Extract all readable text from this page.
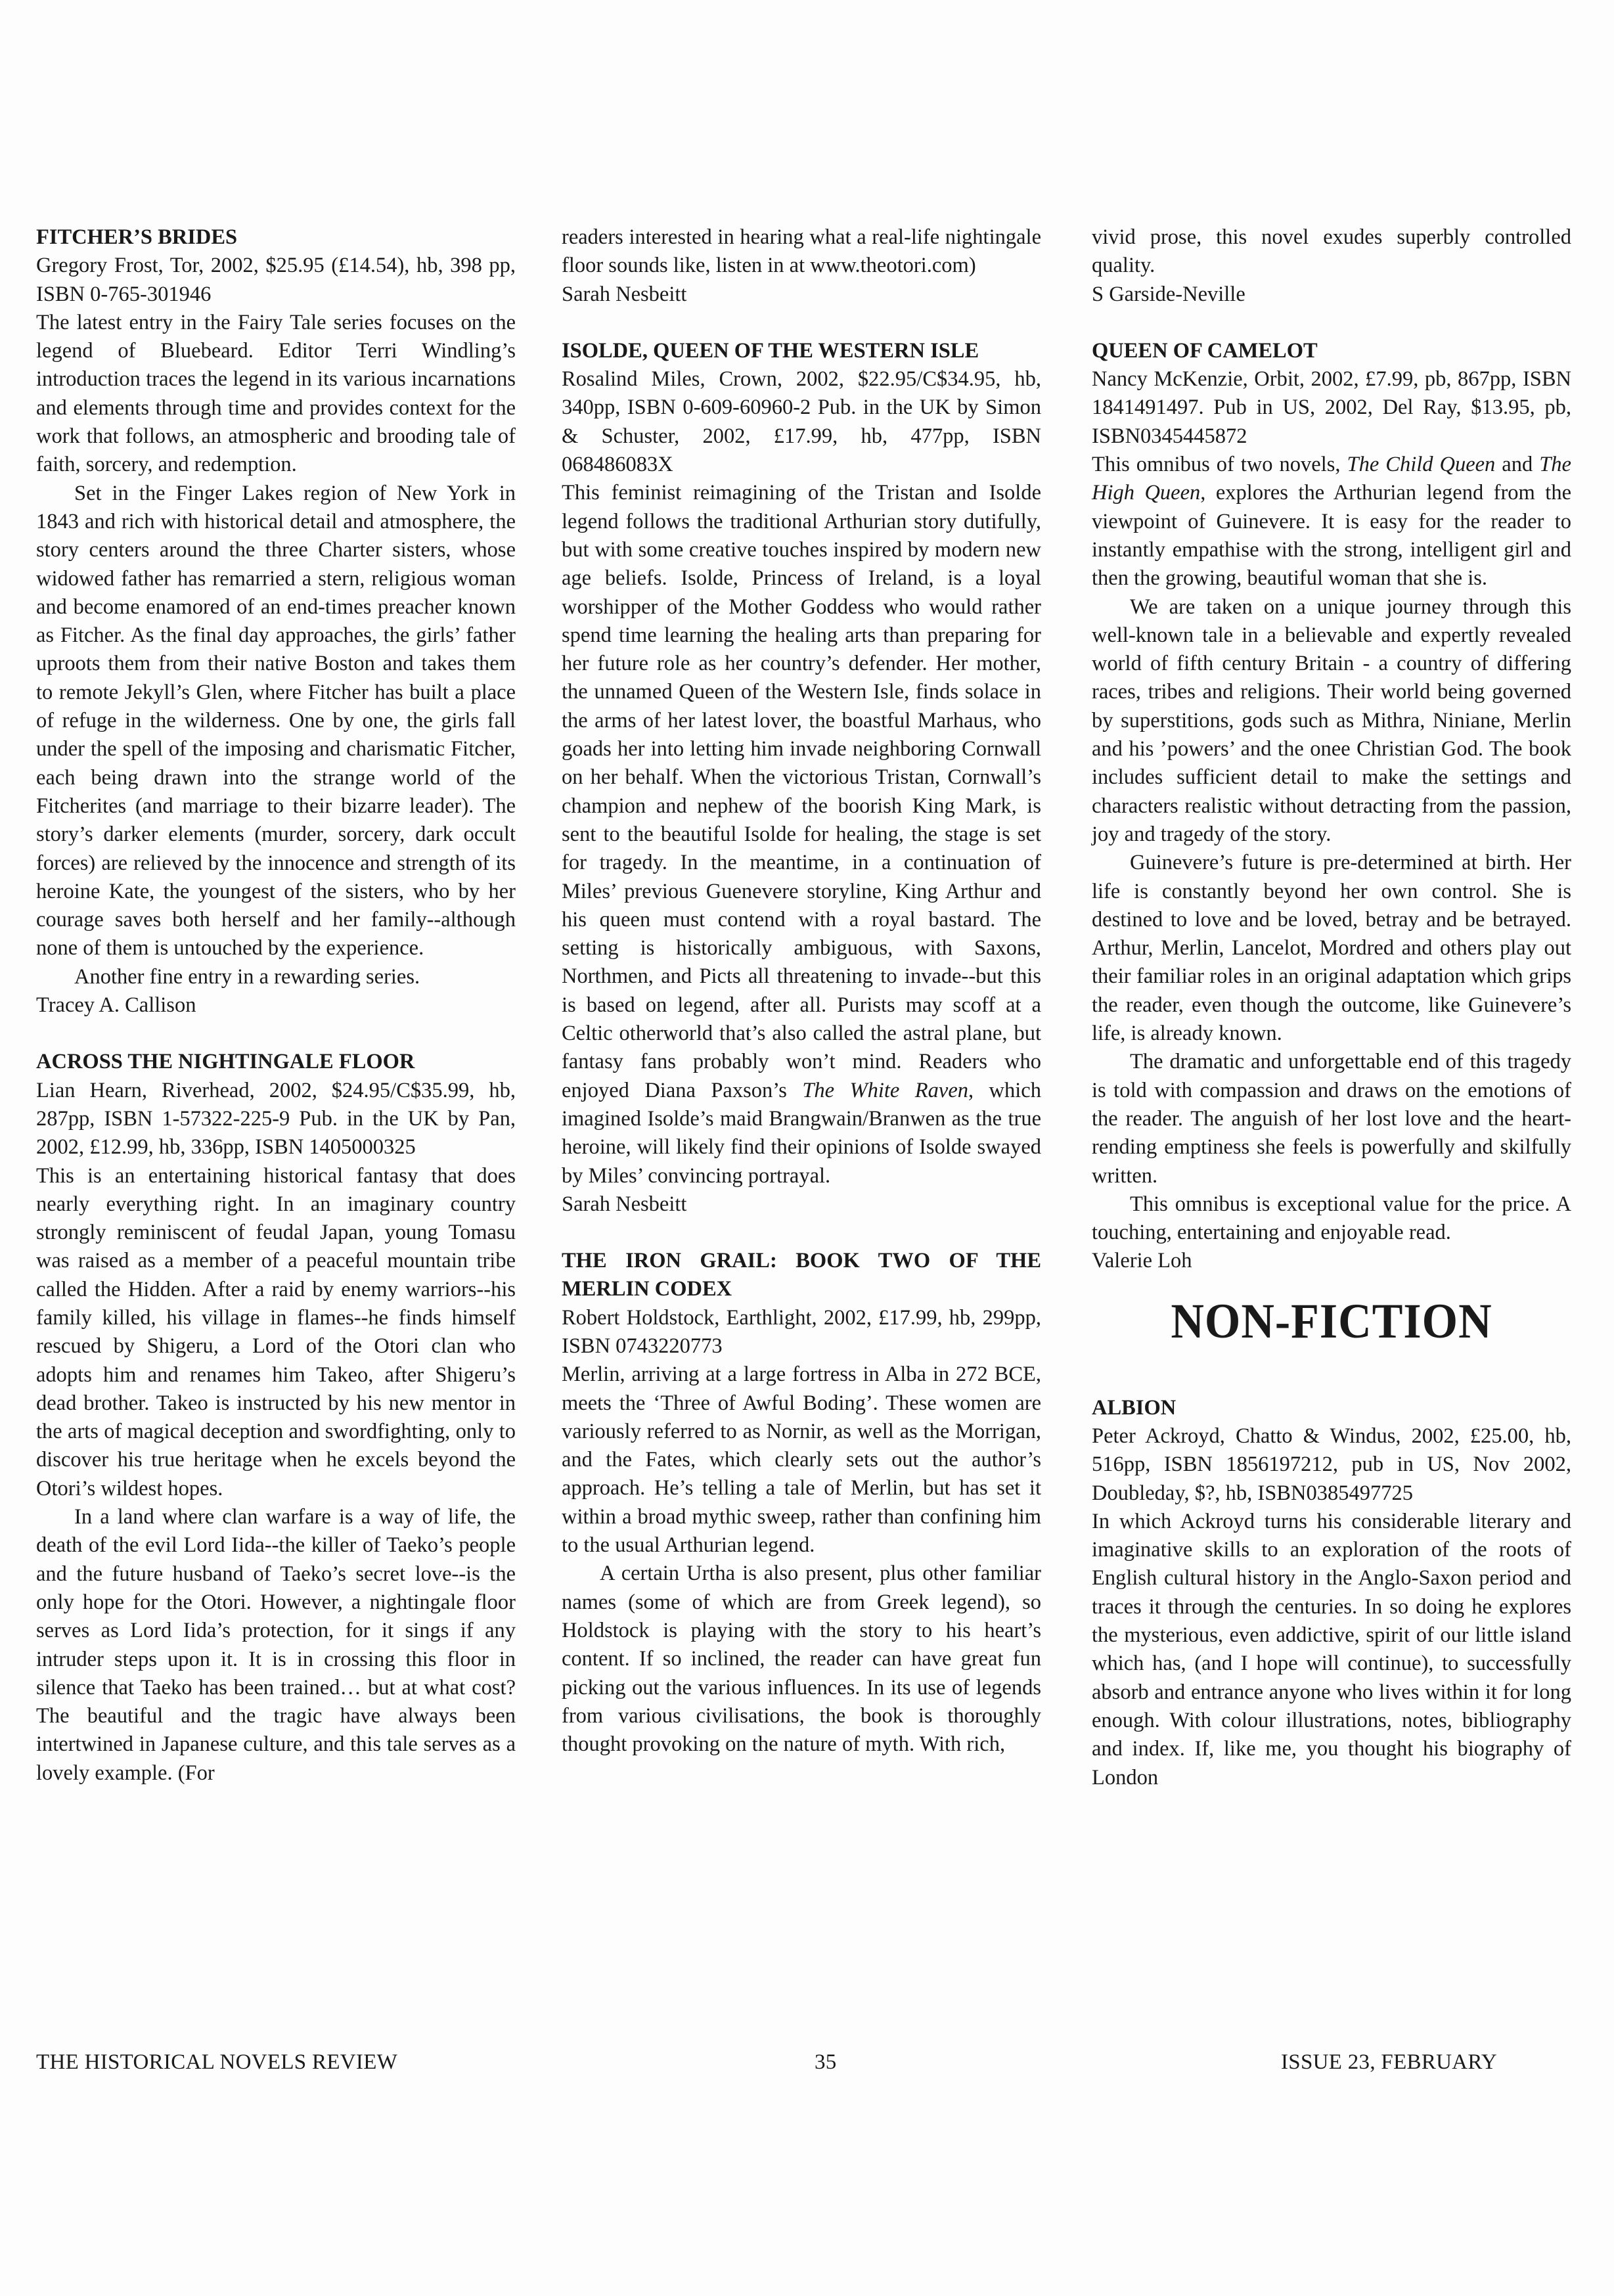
FITCHER’S BRIDES
Gregory Frost, Tor, 2002, $25.95 (£14.54), hb, 398 pp, ISBN 0-765-301946

The latest entry in the Fairy Tale series focuses on the legend of Bluebeard. Editor Terri Windling’s introduction traces the legend in its various incarnations and elements through time and provides context for the work that follows, an atmospheric and brooding tale of faith, sorcery, and redemption.

Set in the Finger Lakes region of New York in 1843 and rich with historical detail and atmosphere, the story centers around the three Charter sisters, whose widowed father has remarried a stern, religious woman and become enamored of an end-times preacher known as Fitcher. As the final day approaches, the girls’ father uproots them from their native Boston and takes them to remote Jekyll’s Glen, where Fitcher has built a place of refuge in the wilderness. One by one, the girls fall under the spell of the imposing and charismatic Fitcher, each being drawn into the strange world of the Fitcherites (and marriage to their bizarre leader). The story’s darker elements (murder, sorcery, dark occult forces) are relieved by the innocence and strength of its heroine Kate, the youngest of the sisters, who by her courage saves both herself and her family--although none of them is untouched by the experience.

Another fine entry in a rewarding series.

Tracey A. Callison
ACROSS THE NIGHTINGALE FLOOR
Lian Hearn, Riverhead, 2002, $24.95/C$35.99, hb, 287pp, ISBN 1-57322-225-9 Pub. in the UK by Pan, 2002, £12.99, hb, 336pp, ISBN 1405000325

This is an entertaining historical fantasy that does nearly everything right. In an imaginary country strongly reminiscent of feudal Japan, young Tomasu was raised as a member of a peaceful mountain tribe called the Hidden. After a raid by enemy warriors--his family killed, his village in flames--he finds himself rescued by Shigeru, a Lord of the Otori clan who adopts him and renames him Takeo, after Shigeru’s dead brother. Takeo is instructed by his new mentor in the arts of magical deception and swordfighting, only to discover his true heritage when he excels beyond the Otori’s wildest hopes.

In a land where clan warfare is a way of life, the death of the evil Lord Iida--the killer of Taeko’s people and the future husband of Taeko’s secret love--is the only hope for the Otori. However, a nightingale floor serves as Lord Iida’s protection, for it sings if any intruder steps upon it. It is in crossing this floor in silence that Taeko has been trained… but at what cost? The beautiful and the tragic have always been intertwined in Japanese culture, and this tale serves as a lovely example. (For

readers interested in hearing what a real-life nightingale floor sounds like, listen in at www.theotori.com)

Sarah Nesbeitt
ISOLDE, QUEEN OF THE WESTERN ISLE
Rosalind Miles, Crown, 2002, $22.95/C$34.95, hb, 340pp, ISBN 0-609-60960-2 Pub. in the UK by Simon & Schuster, 2002, £17.99, hb, 477pp, ISBN 068486083X

This feminist reimagining of the Tristan and Isolde legend follows the traditional Arthurian story dutifully, but with some creative touches inspired by modern new age beliefs. Isolde, Princess of Ireland, is a loyal worshipper of the Mother Goddess who would rather spend time learning the healing arts than preparing for her future role as her country’s defender. Her mother, the unnamed Queen of the Western Isle, finds solace in the arms of her latest lover, the boastful Marhaus, who goads her into letting him invade neighboring Cornwall on her behalf. When the victorious Tristan, Cornwall’s champion and nephew of the boorish King Mark, is sent to the beautiful Isolde for healing, the stage is set for tragedy. In the meantime, in a continuation of Miles’ previous Guenevere storyline, King Arthur and his queen must contend with a royal bastard. The setting is historically ambiguous, with Saxons, Northmen, and Picts all threatening to invade--but this is based on legend, after all. Purists may scoff at a Celtic otherworld that’s also called the astral plane, but fantasy fans probably won’t mind. Readers who enjoyed Diana Paxson’s The White Raven, which imagined Isolde’s maid Brangwain/Branwen as the true heroine, will likely find their opinions of Isolde swayed by Miles’ convincing portrayal.

Sarah Nesbeitt
THE IRON GRAIL: BOOK TWO OF THE MERLIN CODEX
Robert Holdstock, Earthlight, 2002, £17.99, hb, 299pp, ISBN 0743220773

Merlin, arriving at a large fortress in Alba in 272 BCE, meets the ‘Three of Awful Boding’. These women are variously referred to as Nornir, as well as the Morrigan, and the Fates, which clearly sets out the author’s approach. He’s telling a tale of Merlin, but has set it within a broad mythic sweep, rather than confining him to the usual Arthurian legend.

A certain Urtha is also present, plus other familiar names (some of which are from Greek legend), so Holdstock is playing with the story to his heart’s content. If so inclined, the reader can have great fun picking out the various influences. In its use of legends from various civilisations, the book is thoroughly thought provoking on the nature of myth. With rich,

vivid prose, this novel exudes superbly controlled quality.

S Garside-Neville
QUEEN OF CAMELOT
Nancy McKenzie, Orbit, 2002, £7.99, pb, 867pp, ISBN 1841491497. Pub in US, 2002, Del Ray, $13.95, pb, ISBN0345445872

This omnibus of two novels, The Child Queen and The High Queen, explores the Arthurian legend from the viewpoint of Guinevere. It is easy for the reader to instantly empathise with the strong, intelligent girl and then the growing, beautiful woman that she is.

We are taken on a unique journey through this well-known tale in a believable and expertly revealed world of fifth century Britain - a country of differing races, tribes and religions. Their world being governed by superstitions, gods such as Mithra, Niniane, Merlin and his ’powers’ and the onee Christian God. The book includes sufficient detail to make the settings and characters realistic without detracting from the passion, joy and tragedy of the story.

Guinevere’s future is pre-determined at birth. Her life is constantly beyond her own control. She is destined to love and be loved, betray and be betrayed. Arthur, Merlin, Lancelot, Mordred and others play out their familiar roles in an original adaptation which grips the reader, even though the outcome, like Guinevere’s life, is already known.

The dramatic and unforgettable end of this tragedy is told with compassion and draws on the emotions of the reader. The anguish of her lost love and the heart-rending emptiness she feels is powerfully and skilfully written.

This omnibus is exceptional value for the price. A touching, entertaining and enjoyable read.

Valerie Loh
NON-FICTION
ALBION
Peter Ackroyd, Chatto & Windus, 2002, £25.00, hb, 516pp, ISBN 1856197212, pub in US, Nov 2002, Doubleday, $?, hb, ISBN0385497725

In which Ackroyd turns his considerable literary and imaginative skills to an exploration of the roots of English cultural history in the Anglo-Saxon period and traces it through the centuries. In so doing he explores the mysterious, even addictive, spirit of our little island which has, (and I hope will continue), to successfully absorb and entrance anyone who lives within it for long enough. With colour illustrations, notes, bibliography and index. If, like me, you thought his biography of London

THE HISTORICAL NOVELS REVIEW	35	ISSUE 23, FEBRUARY
